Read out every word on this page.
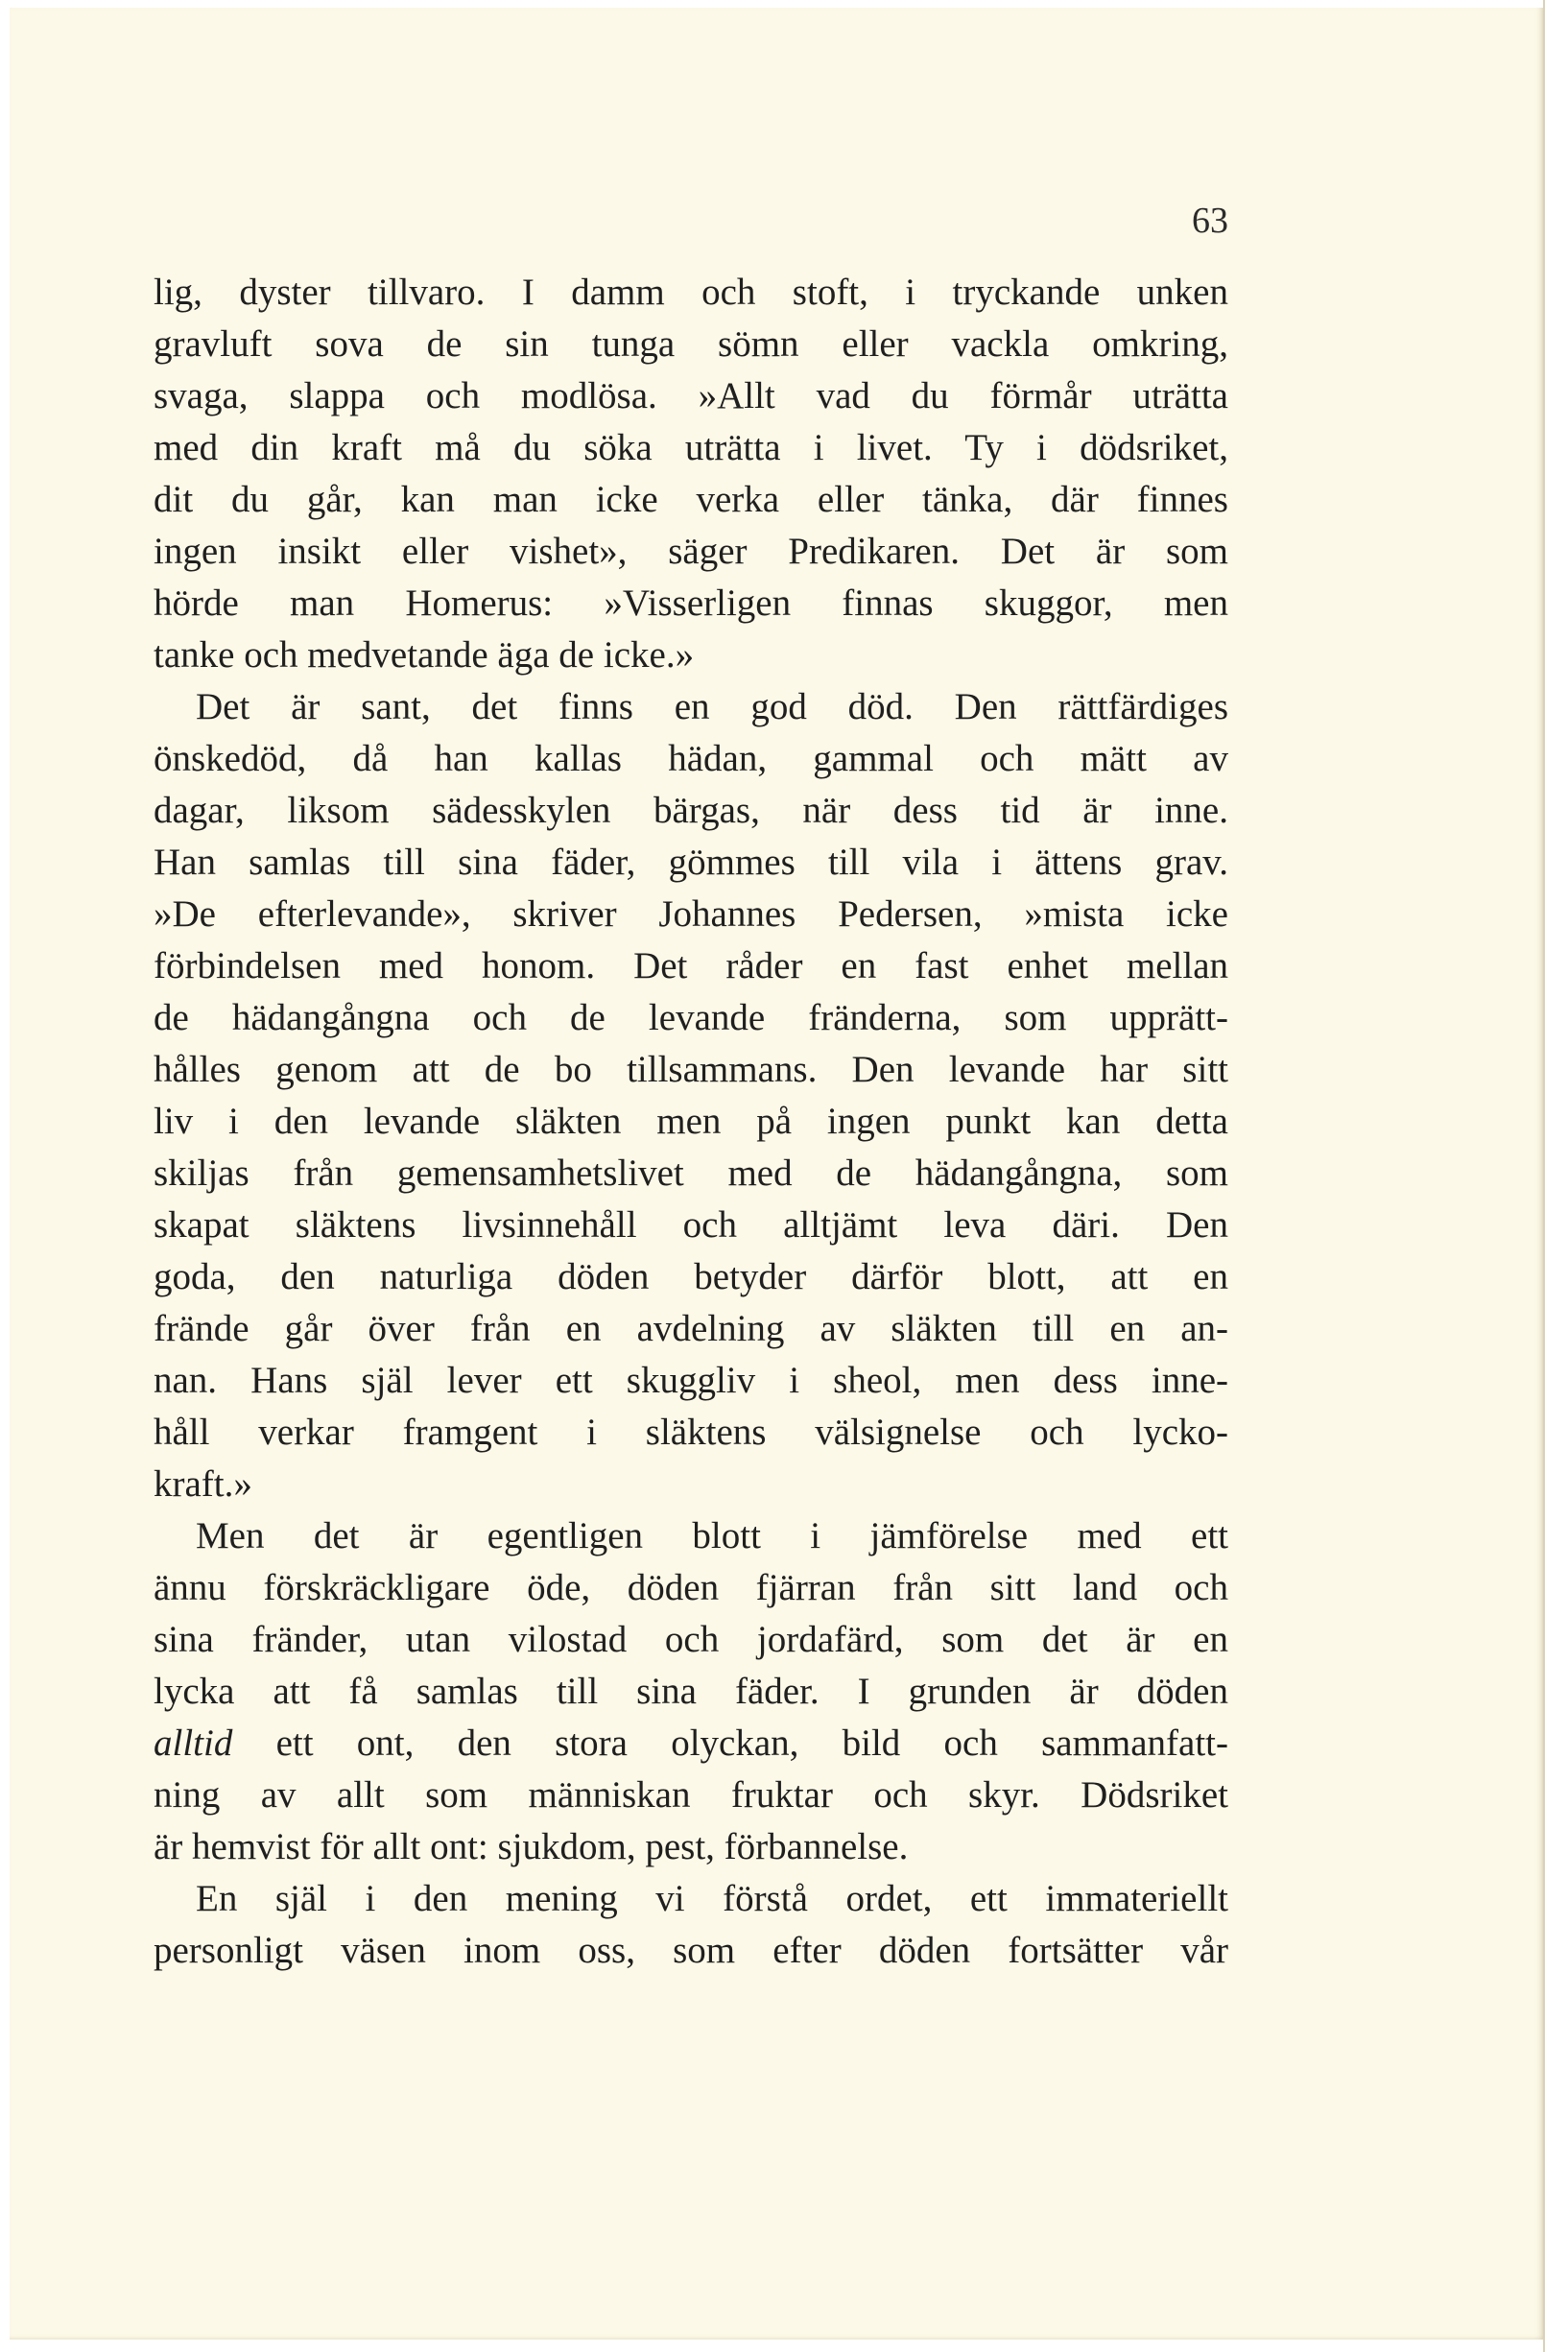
63
lig, dyster tillvaro. I damm och stoft, i tryckande unken
gravluft sova de sin tunga sömn eller vackla omkring,
svaga, slappa och modlösa. »Allt vad du förmår uträtta
med din kraft må du söka uträtta i livet. Ty i dödsriket,
dit du går, kan man icke verka eller tänka, där finnes
ingen insikt eller vishet», säger Predikaren. Det är som
hörde man Homerus: »Visserligen finnas skuggor, men
tanke och medvetande äga de icke.»
Det är sant, det finns en god död. Den rättfärdiges
önskedöd, då han kallas hädan, gammal och mätt av
dagar, liksom sädesskylen bärgas, när dess tid är inne.
Han samlas till sina fäder, gömmes till vila i ättens grav.
»De efterlevande», skriver Johannes Pedersen, »mista icke
förbindelsen med honom. Det råder en fast enhet mellan
de hädangångna och de levande fränderna, som upprätt-
hålles genom att de bo tillsammans. Den levande har sitt
liv i den levande släkten men på ingen punkt kan detta
skiljas från gemensamhetslivet med de hädangångna, som
skapat släktens livsinnehåll och alltjämt leva däri. Den
goda, den naturliga döden betyder därför blott, att en
frände går över från en avdelning av släkten till en an-
nan. Hans själ lever ett skuggliv i sheol, men dess inne-
håll verkar framgent i släktens välsignelse och lycko-
kraft.»
Men det är egentligen blott i jämförelse med ett
ännu förskräckligare öde, döden fjärran från sitt land och
sina fränder, utan vilostad och jordafärd, som det är en
lycka att få samlas till sina fäder. I grunden är döden
alltid ett ont, den stora olyckan, bild och sammanfatt-
ning av allt som människan fruktar och skyr. Dödsriket
är hemvist för allt ont: sjukdom, pest, förbannelse.
En själ i den mening vi förstå ordet, ett immateriellt
personligt väsen inom oss, som efter döden fortsätter vår
